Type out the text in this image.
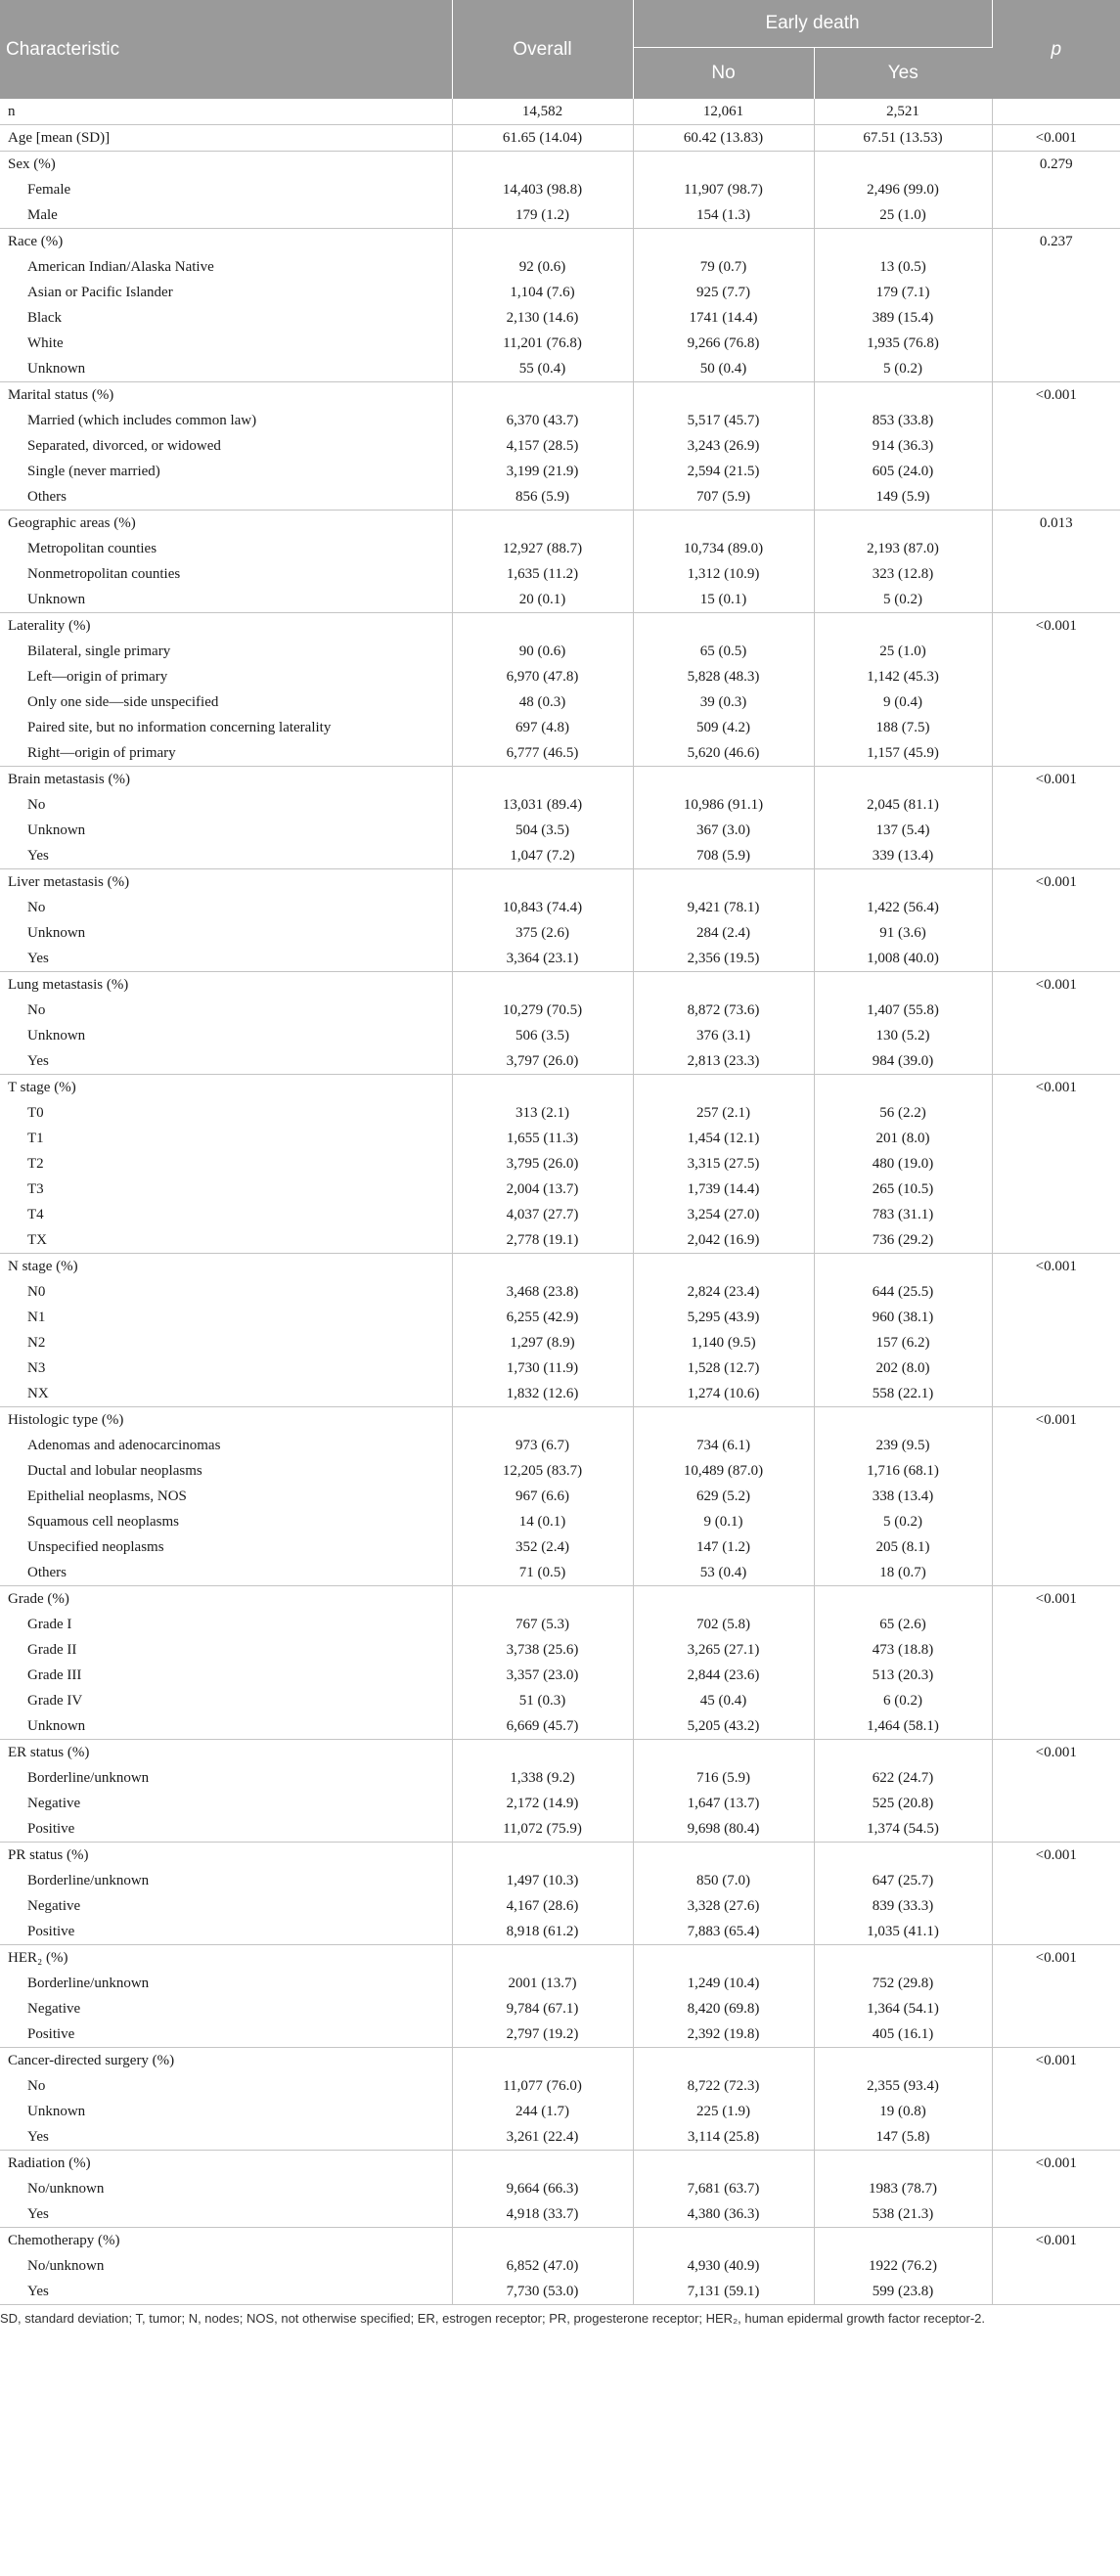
Characteristic	Overall	Early death		p
		No	Yes	
n	14,582	12,061	2,521	
Age [mean (SD)]	61.65 (14.04)	60.42 (13.83)	67.51 (13.53)	<0.001
Sex (%)				0.279
Female	14,403 (98.8)	11,907 (98.7)	2,496 (99.0)	
Male	179 (1.2)	154 (1.3)	25 (1.0)	
Race (%)				0.237
American Indian/Alaska Native	92 (0.6)	79 (0.7)	13 (0.5)	
Asian or Pacific Islander	1,104 (7.6)	925 (7.7)	179 (7.1)	
Black	2,130 (14.6)	1741 (14.4)	389 (15.4)	
White	11,201 (76.8)	9,266 (76.8)	1,935 (76.8)	
Unknown	55 (0.4)	50 (0.4)	5 (0.2)	
Marital status (%)				<0.001
Married (which includes common law)	6,370 (43.7)	5,517 (45.7)	853 (33.8)	
Separated, divorced, or widowed	4,157 (28.5)	3,243 (26.9)	914 (36.3)	
Single (never married)	3,199 (21.9)	2,594 (21.5)	605 (24.0)	
Others	856 (5.9)	707 (5.9)	149 (5.9)	
Geographic areas (%)				0.013
Metropolitan counties	12,927 (88.7)	10,734 (89.0)	2,193 (87.0)	
Nonmetropolitan counties	1,635 (11.2)	1,312 (10.9)	323 (12.8)	
Unknown	20 (0.1)	15 (0.1)	5 (0.2)	
Laterality (%)				<0.001
Bilateral, single primary	90 (0.6)	65 (0.5)	25 (1.0)	
Left—origin of primary	6,970 (47.8)	5,828 (48.3)	1,142 (45.3)	
Only one side—side unspecified	48 (0.3)	39 (0.3)	9 (0.4)	
Paired site, but no information concerning laterality	697 (4.8)	509 (4.2)	188 (7.5)	
Right—origin of primary	6,777 (46.5)	5,620 (46.6)	1,157 (45.9)	
Brain metastasis (%)				<0.001
No	13,031 (89.4)	10,986 (91.1)	2,045 (81.1)	
Unknown	504 (3.5)	367 (3.0)	137 (5.4)	
Yes	1,047 (7.2)	708 (5.9)	339 (13.4)	
Liver metastasis (%)				<0.001
No	10,843 (74.4)	9,421 (78.1)	1,422 (56.4)	
Unknown	375 (2.6)	284 (2.4)	91 (3.6)	
Yes	3,364 (23.1)	2,356 (19.5)	1,008 (40.0)	
Lung metastasis (%)				<0.001
No	10,279 (70.5)	8,872 (73.6)	1,407 (55.8)	
Unknown	506 (3.5)	376 (3.1)	130 (5.2)	
Yes	3,797 (26.0)	2,813 (23.3)	984 (39.0)	
T stage (%)				<0.001
T0	313 (2.1)	257 (2.1)	56 (2.2)	
T1	1,655 (11.3)	1,454 (12.1)	201 (8.0)	
T2	3,795 (26.0)	3,315 (27.5)	480 (19.0)	
T3	2,004 (13.7)	1,739 (14.4)	265 (10.5)	
T4	4,037 (27.7)	3,254 (27.0)	783 (31.1)	
TX	2,778 (19.1)	2,042 (16.9)	736 (29.2)	
N stage (%)				<0.001
N0	3,468 (23.8)	2,824 (23.4)	644 (25.5)	
N1	6,255 (42.9)	5,295 (43.9)	960 (38.1)	
N2	1,297 (8.9)	1,140 (9.5)	157 (6.2)	
N3	1,730 (11.9)	1,528 (12.7)	202 (8.0)	
NX	1,832 (12.6)	1,274 (10.6)	558 (22.1)	
Histologic type (%)				<0.001
Adenomas and adenocarcinomas	973 (6.7)	734 (6.1)	239 (9.5)	
Ductal and lobular neoplasms	12,205 (83.7)	10,489 (87.0)	1,716 (68.1)	
Epithelial neoplasms, NOS	967 (6.6)	629 (5.2)	338 (13.4)	
Squamous cell neoplasms	14 (0.1)	9 (0.1)	5 (0.2)	
Unspecified neoplasms	352 (2.4)	147 (1.2)	205 (8.1)	
Others	71 (0.5)	53 (0.4)	18 (0.7)	
Grade (%)				<0.001
Grade I	767 (5.3)	702 (5.8)	65 (2.6)	
Grade II	3,738 (25.6)	3,265 (27.1)	473 (18.8)	
Grade III	3,357 (23.0)	2,844 (23.6)	513 (20.3)	
Grade IV	51 (0.3)	45 (0.4)	6 (0.2)	
Unknown	6,669 (45.7)	5,205 (43.2)	1,464 (58.1)	
ER status (%)				<0.001
Borderline/unknown	1,338 (9.2)	716 (5.9)	622 (24.7)	
Negative	2,172 (14.9)	1,647 (13.7)	525 (20.8)	
Positive	11,072 (75.9)	9,698 (80.4)	1,374 (54.5)	
PR status (%)				<0.001
Borderline/unknown	1,497 (10.3)	850 (7.0)	647 (25.7)	
Negative	4,167 (28.6)	3,328 (27.6)	839 (33.3)	
Positive	8,918 (61.2)	7,883 (65.4)	1,035 (41.1)	
HER₂ (%)				<0.001
Borderline/unknown	2001 (13.7)	1,249 (10.4)	752 (29.8)	
Negative	9,784 (67.1)	8,420 (69.8)	1,364 (54.1)	
Positive	2,797 (19.2)	2,392 (19.8)	405 (16.1)	
Cancer-directed surgery (%)				<0.001
No	11,077 (76.0)	8,722 (72.3)	2,355 (93.4)	
Unknown	244 (1.7)	225 (1.9)	19 (0.8)	
Yes	3,261 (22.4)	3,114 (25.8)	147 (5.8)	
Radiation (%)				<0.001
No/unknown	9,664 (66.3)	7,681 (63.7)	1983 (78.7)	
Yes	4,918 (33.7)	4,380 (36.3)	538 (21.3)	
Chemotherapy (%)				<0.001
No/unknown	6,852 (47.0)	4,930 (40.9)	1922 (76.2)	
Yes	7,730 (53.0)	7,131 (59.1)	599 (23.8)	
SD, standard deviation; T, tumor; N, nodes; NOS, not otherwise specified; ER, estrogen receptor; PR, progesterone receptor; HER₂, human epidermal growth factor receptor-2.
